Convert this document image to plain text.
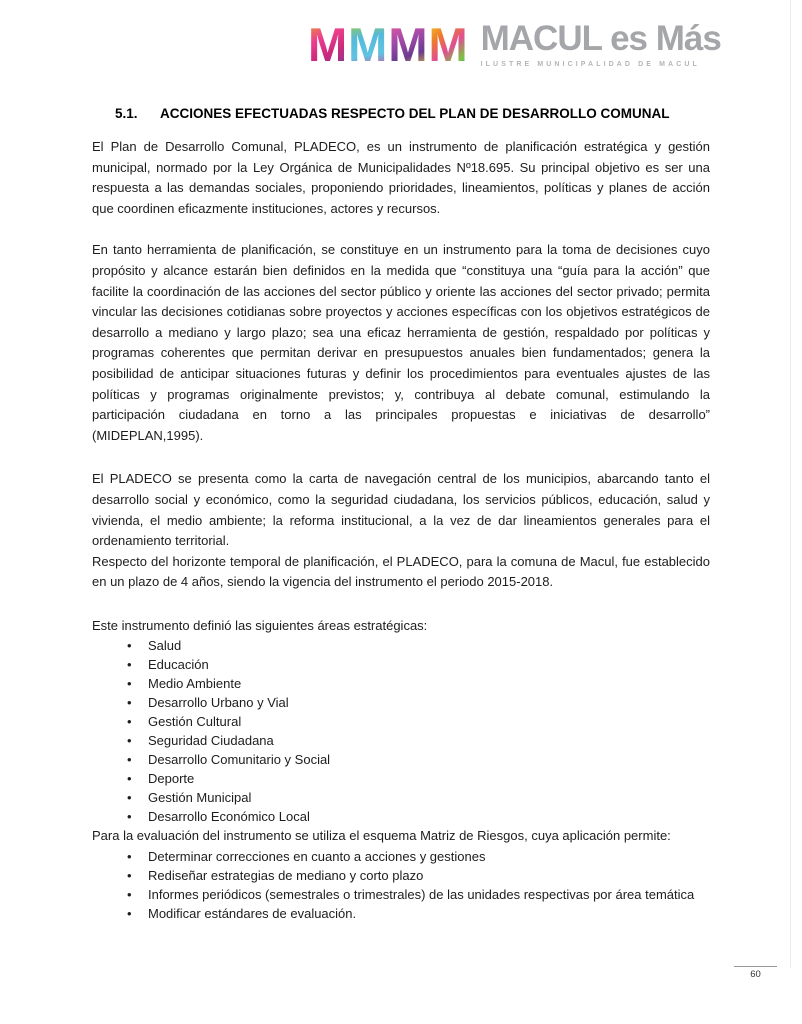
M M M M MACUL es Más
ILUSTRE MUNICIPALIDAD DE MACUL
5.1. ACCIONES EFECTUADAS RESPECTO DEL PLAN DE DESARROLLO COMUNAL

El Plan de Desarrollo Comunal, PLADECO, es un instrumento de planificación estratégica y gestión municipal, normado por la Ley Orgánica de Municipalidades Nº18.695. Su principal objetivo es ser una respuesta a las demandas sociales, proponiendo prioridades, lineamientos, políticas y planes de acción que coordinen eficazmente instituciones, actores y recursos.

En tanto herramienta de planificación, se constituye en un instrumento para la toma de decisiones cuyo propósito y alcance estarán bien definidos en la medida que “constituya una “guía para la acción” que facilite la coordinación de las acciones del sector público y oriente las acciones del sector privado; permita vincular las decisiones cotidianas sobre proyectos y acciones específicas con los objetivos estratégicos de desarrollo a mediano y largo plazo; sea una eficaz herramienta de gestión, respaldado por políticas y programas coherentes que permitan derivar en presupuestos anuales bien fundamentados; genera la posibilidad de anticipar situaciones futuras y definir los procedimientos para eventuales ajustes de las políticas y programas originalmente previstos; y, contribuya al debate comunal, estimulando la participación ciudadana en torno a las principales propuestas e iniciativas de desarrollo” (MIDEPLAN,1995).

El PLADECO se presenta como la carta de navegación central de los municipios, abarcando tanto el desarrollo social y económico, como la seguridad ciudadana, los servicios públicos, educación, salud y vivienda, el medio ambiente; la reforma institucional, a la vez de dar lineamientos generales para el ordenamiento territorial.

Respecto del horizonte temporal de planificación, el PLADECO, para la comuna de Macul, fue establecido en un plazo de 4 años, siendo la vigencia del instrumento el periodo 2015-2018.

Este instrumento definió las siguientes áreas estratégicas:

• Salud
• Educación
• Medio Ambiente
• Desarrollo Urbano y Vial
• Gestión Cultural
• Seguridad Ciudadana
• Desarrollo Comunitario y Social
• Deporte
• Gestión Municipal
• Desarrollo Económico Local

Para la evaluación del instrumento se utiliza el esquema Matriz de Riesgos, cuya aplicación permite:

• Determinar correcciones en cuanto a acciones y gestiones
• Rediseñar estrategias de mediano y corto plazo
• Informes periódicos (semestrales o trimestrales) de las unidades respectivas por área temática
• Modificar estándares de evaluación.
60
